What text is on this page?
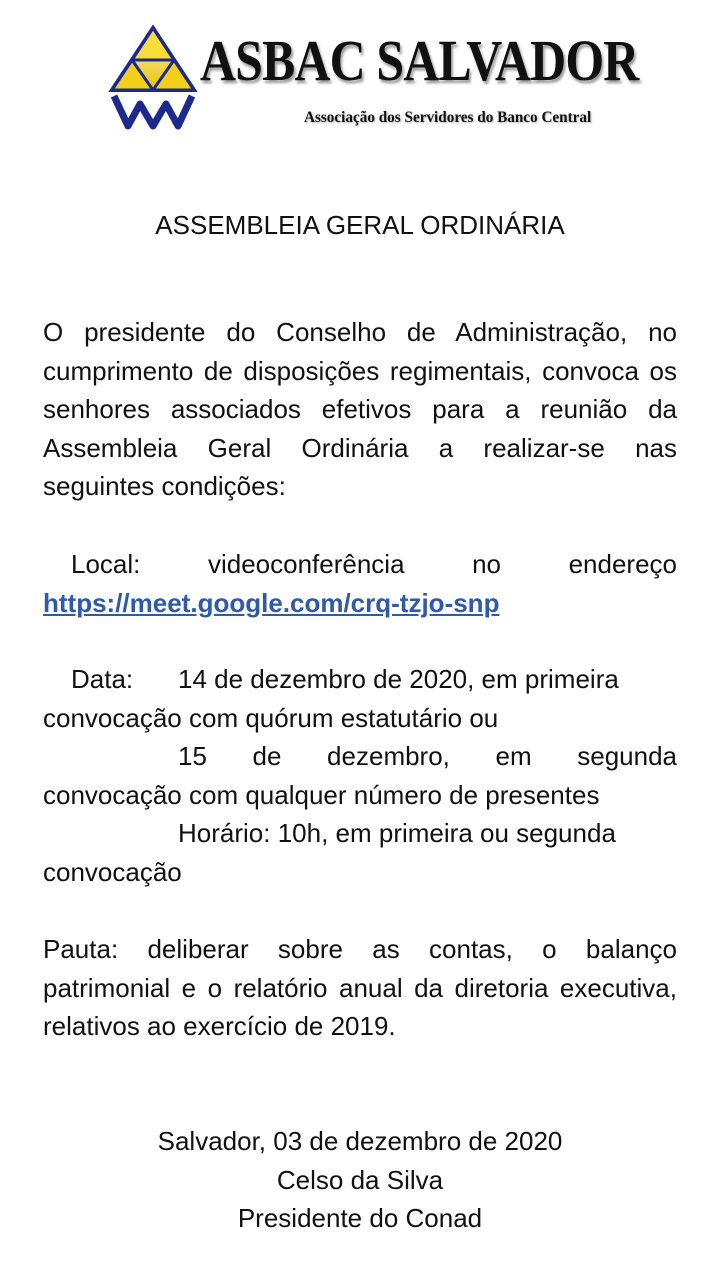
ASBAC SALVADOR
Associação dos Servidores do Banco Central
ASSEMBLEIA GERAL ORDINÁRIA
O presidente do Conselho de Administração, no cumprimento de disposições regimentais, convoca os senhores associados efetivos para a reunião da Assembleia Geral Ordinária a realizar-se nas seguintes condições:
Local:	videoconferência no endereço
https://meet.google.com/crq-tzjo-snp
Data: 14 de dezembro de 2020, em primeira
convocação com quórum estatutário ou
15 de dezembro, em segunda
convocação com qualquer número de presentes
Horário: 10h, em primeira ou segunda
convocação
Pauta: deliberar sobre as contas, o balanço patrimonial e o relatório anual da diretoria executiva, relativos ao exercício de 2019.
Salvador, 03 de dezembro de 2020
Celso da Silva
Presidente do Conad
